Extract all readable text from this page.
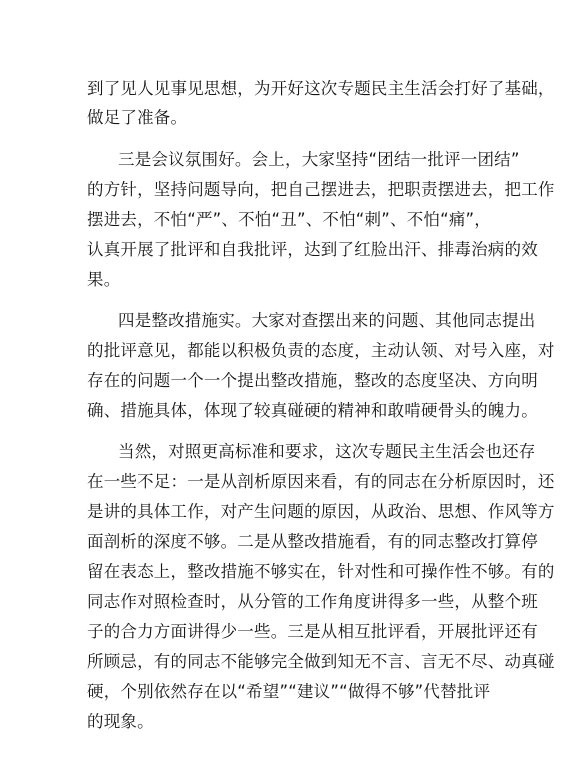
到了见人见事见思想，为开好这次专题民主生活会打好了基础，
做足了准备。
三是会议氛围好。会上，大家坚持“团结一批评一团结”
的方针，坚持问题导向，把自己摆进去，把职责摆进去，把工作
摆进去，不怕“严”、不怕“丑”、不怕“刺”、不怕“痛”，
认真开展了批评和自我批评，达到了红脸出汗、排毒治病的效
果。
四是整改措施实。大家对查摆出来的问题、其他同志提出
的批评意见，都能以积极负责的态度，主动认领、对号入座，对
存在的问题一个一个提出整改措施，整改的态度坚决、方向明
确、措施具体，体现了较真碰硬的精神和敢啃硬骨头的魄力。
当然，对照更高标准和要求，这次专题民主生活会也还存
在一些不足：一是从剖析原因来看，有的同志在分析原因时，还
是讲的具体工作，对产生问题的原因，从政治、思想、作风等方
面剖析的深度不够。二是从整改措施看，有的同志整改打算停
留在表态上，整改措施不够实在，针对性和可操作性不够。有的
同志作对照检查时，从分管的工作角度讲得多一些，从整个班
子的合力方面讲得少一些。三是从相互批评看，开展批评还有
所顾忌，有的同志不能够完全做到知无不言、言无不尽、动真碰
硬，个别依然存在以“希望”“建议”“做得不够”代替批评
的现象。
